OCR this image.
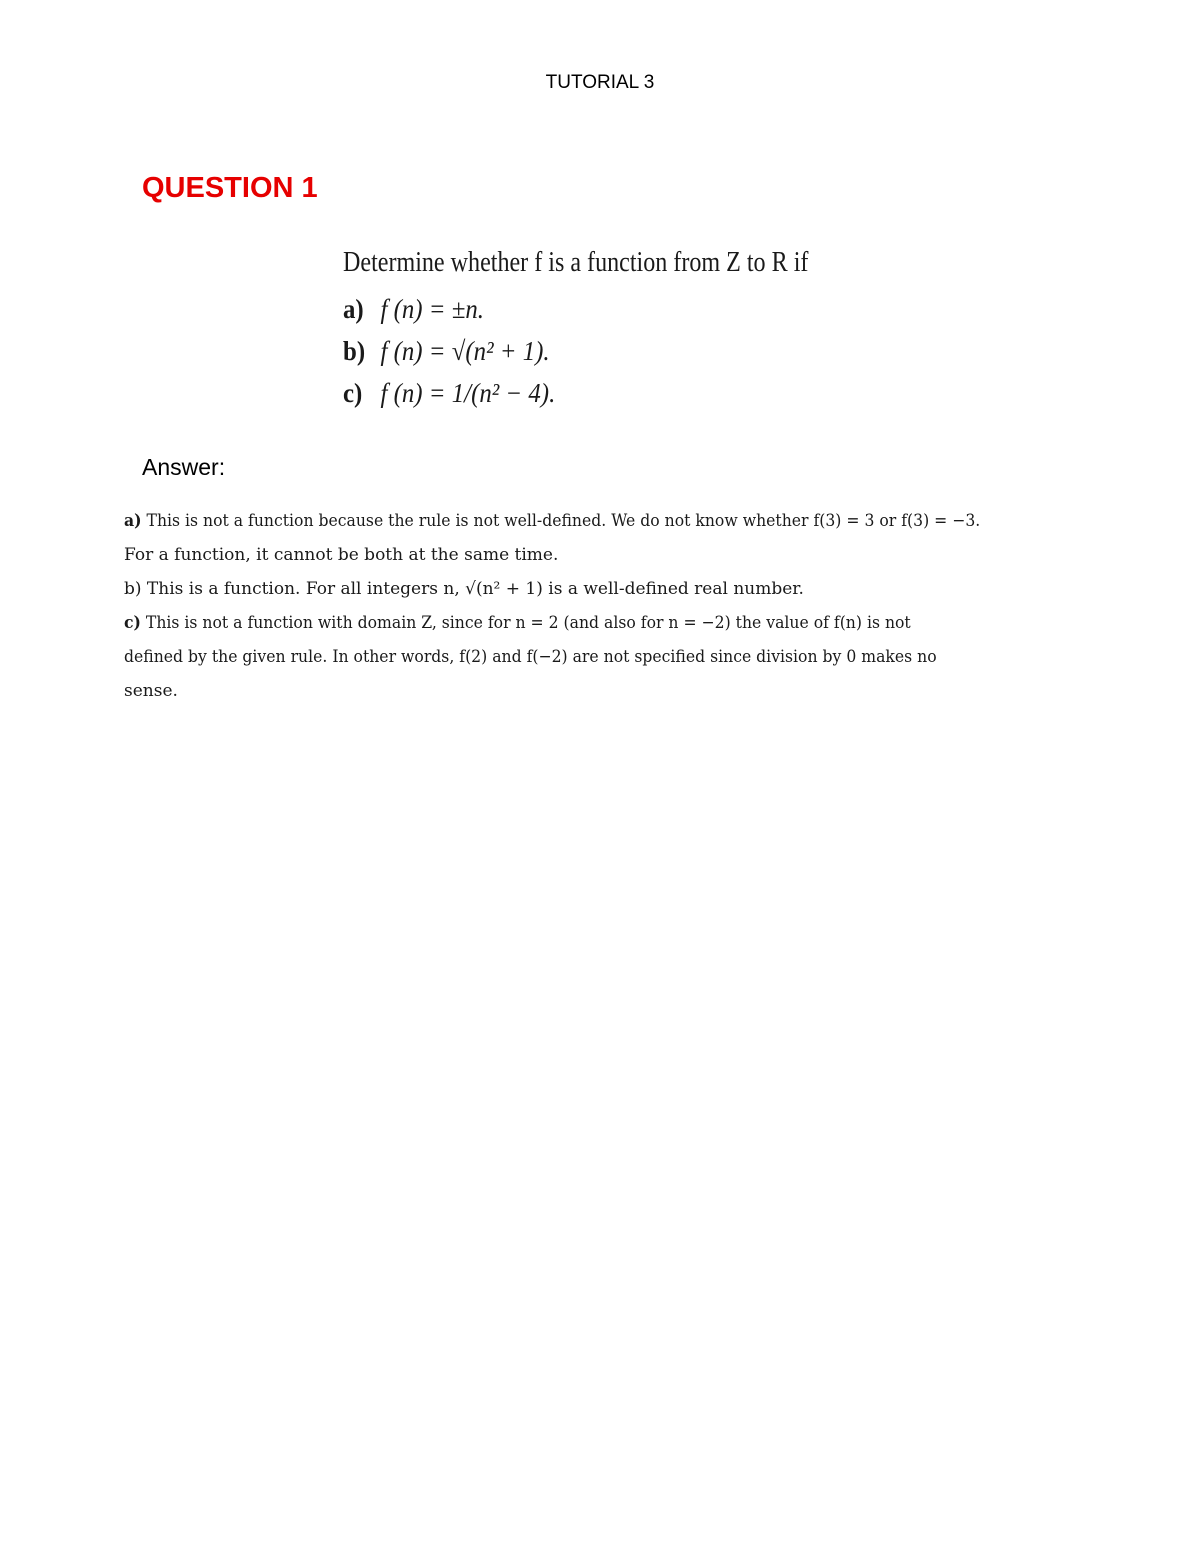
TUTORIAL 3
QUESTION 1
Determine whether f is a function from Z to R if
a) f (n) = ±n.
b) f (n) = √(n² + 1).
c) f (n) = 1/(n² − 4).
Answer:
a) This is not a function because the rule is not well-defined. We do not know whether f(3) = 3 or f(3) = −3.
For a function, it cannot be both at the same time.
b) This is a function. For all integers n, √(n² + 1) is a well-defined real number.
c) This is not a function with domain Z, since for n = 2 (and also for n = −2) the value of f(n) is not
defined by the given rule. In other words, f(2) and f(−2) are not specified since division by 0 makes no
sense.
